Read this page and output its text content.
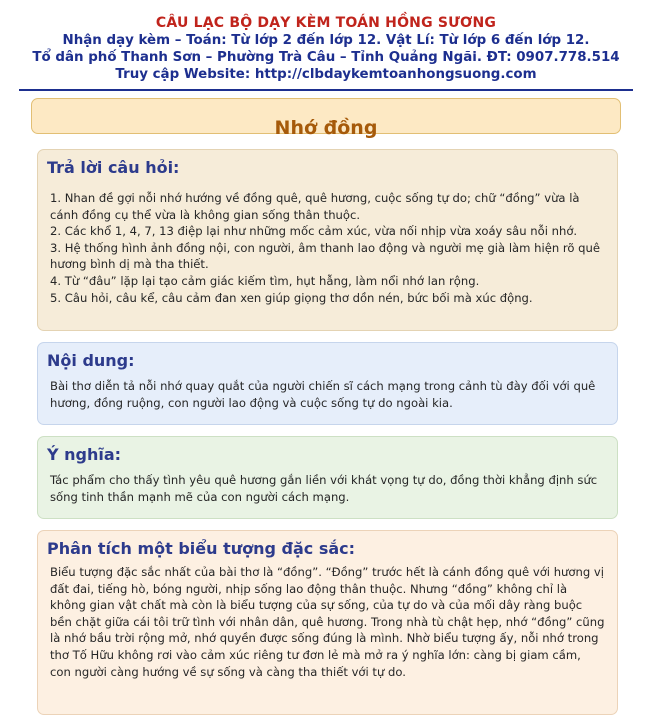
CÂU LẠC BỘ DẠY KÈM TOÁN HỒNG SƯƠNG
Nhận dạy kèm – Toán: Từ lớp 2 đến lớp 12. Vật Lí: Từ lớp 6 đến lớp 12.
Tổ dân phố Thanh Sơn – Phường Trà Câu – Tỉnh Quảng Ngãi. ĐT: 0907.778.514
Truy cập Website: http://clbdaykemtoanhongsuong.com
Nhớ đồng
Trả lời câu hỏi:
1. Nhan đề gợi nỗi nhớ hướng về đồng quê, quê hương, cuộc sống tự do; chữ “đồng” vừa là cánh đồng cụ thể vừa là không gian sống thân thuộc.
2. Các khổ 1, 4, 7, 13 điệp lại như những mốc cảm xúc, vừa nối nhịp vừa xoáy sâu nỗi nhớ.
3. Hệ thống hình ảnh đồng nội, con người, âm thanh lao động và người mẹ già làm hiện rõ quê hương bình dị mà tha thiết.
4. Từ “đâu” lặp lại tạo cảm giác kiếm tìm, hụt hẫng, làm nổi nhớ lan rộng.
5. Câu hỏi, câu kể, câu cảm đan xen giúp giọng thơ dồn nén, bức bối mà xúc động.
Nội dung:
Bài thơ diễn tả nỗi nhớ quay quắt của người chiến sĩ cách mạng trong cảnh tù đày đối với quê hương, đồng ruộng, con người lao động và cuộc sống tự do ngoài kia.
Ý nghĩa:
Tác phẩm cho thấy tình yêu quê hương gắn liền với khát vọng tự do, đồng thời khẳng định sức sống tinh thần mạnh mẽ của con người cách mạng.
Phân tích một biểu tượng đặc sắc:
Biểu tượng đặc sắc nhất của bài thơ là “đồng”. “Đồng” trước hết là cánh đồng quê với hương vị đất đai, tiếng hò, bóng người, nhịp sống lao động thân thuộc. Nhưng “đồng” không chỉ là không gian vật chất mà còn là biểu tượng của sự sống, của tự do và của mối dây ràng buộc bền chặt giữa cái tôi trữ tình với nhân dân, quê hương. Trong nhà tù chật hẹp, nhớ “đồng” cũng là nhớ bầu trời rộng mở, nhớ quyền được sống đúng là mình. Nhờ biểu tượng ấy, nỗi nhớ trong thơ Tố Hữu không rơi vào cảm xúc riêng tư đơn lẻ mà mở ra ý nghĩa lớn: càng bị giam cầm, con người càng hướng về sự sống và càng tha thiết với tự do.
